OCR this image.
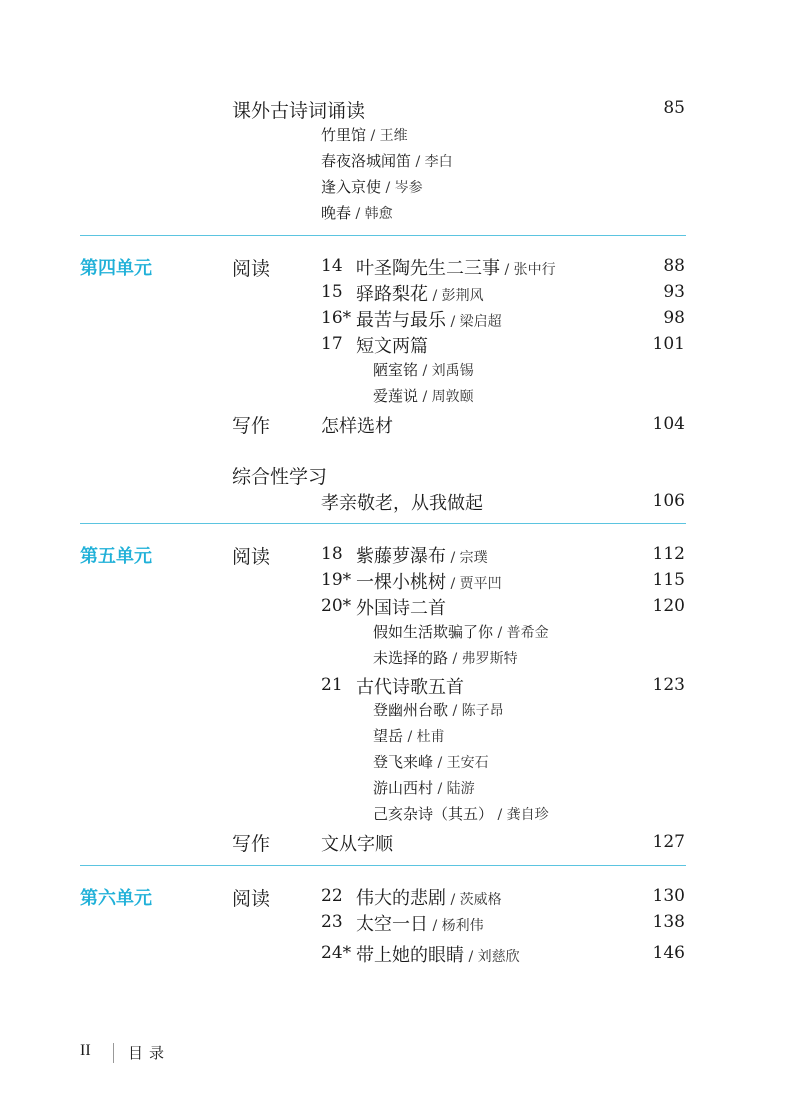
课外古诗词诵读	85
竹里馆 / 王维
春夜洛城闻笛 / 李白
逢入京使 / 岑参
晚春 / 韩愈
第四单元	阅读	14 叶圣陶先生二三事 / 张中行	88
15 驿路梨花 / 彭荆风	93
16* 最苦与最乐 / 梁启超	98
17 短文两篇	101
陋室铭 / 刘禹锡
爱莲说 / 周敦颐
写作	怎样选材	104
综合性学习
孝亲敬老，从我做起	106
第五单元	阅读	18 紫藤萝瀑布 / 宗璞	112
19* 一棵小桃树 / 贾平凹	115
20* 外国诗二首	120
假如生活欺骗了你 / 普希金
未选择的路 / 弗罗斯特
21 古代诗歌五首	123
登幽州台歌 / 陈子昂
望岳 / 杜甫
登飞来峰 / 王安石
游山西村 / 陆游
己亥杂诗（其五） / 龚自珍
写作	文从字顺	127
第六单元	阅读	22 伟大的悲剧 / 茨威格	130
23 太空一日 / 杨利伟	138
24* 带上她的眼睛 / 刘慈欣	146
II 目录
